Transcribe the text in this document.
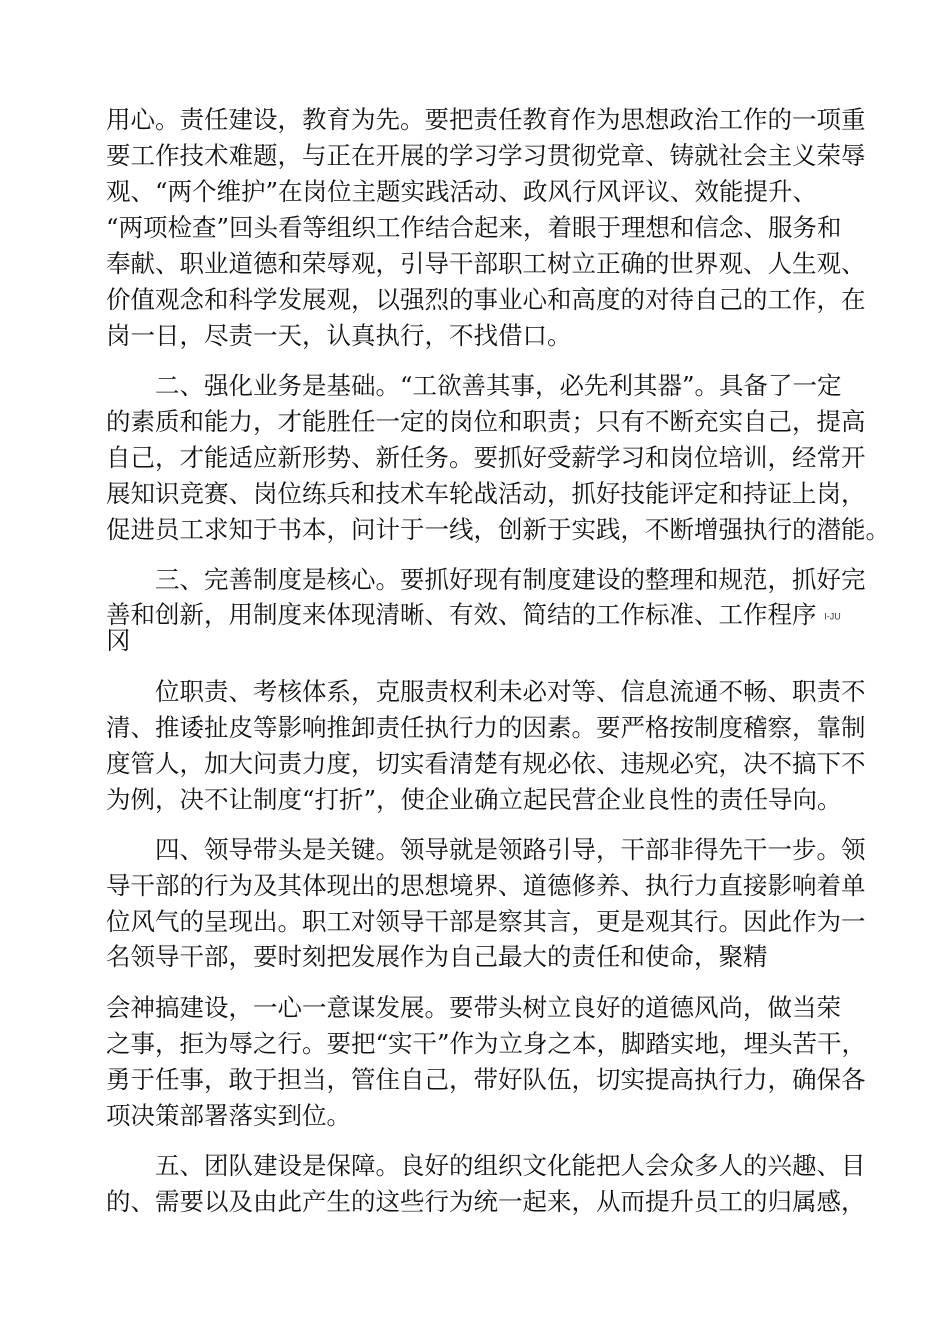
用心。责任建设，教育为先。要把责任教育作为思想政治工作的一项重
要工作技术难题，与正在开展的学习学习贯彻党章、铸就社会主义荣辱
观、“两个维护”在岗位主题实践活动、政风行风评议、效能提升、
“两项检查”回头看等组织工作结合起来，着眼于理想和信念、服务和
奉献、职业道德和荣辱观，引导干部职工树立正确的世界观、人生观、
价值观念和科学发展观，以强烈的事业心和高度的对待自己的工作，在
岗一日，尽责一天，认真执行，不找借口。
二、强化业务是基础。“工欲善其事，必先利其器”。具备了一定
的素质和能力，才能胜任一定的岗位和职责；只有不断充实自己，提高
自己，才能适应新形势、新任务。要抓好受薪学习和岗位培训，经常开
展知识竞赛、岗位练兵和技术车轮战活动，抓好技能评定和持证上岗，
促进员工求知于书本，问计于一线，创新于实践，不断增强执行的潜能。
三、完善制度是核心。要抓好现有制度建设的整理和规范，抓好完
善和创新，用制度来体现清晰、有效、简结的工作标准、工作程序 I-JU
冈
位职责、考核体系，克服责权利未必对等、信息流通不畅、职责不
清、推诿扯皮等影响推卸责任执行力的因素。要严格按制度稽察，靠制
度管人，加大问责力度，切实看清楚有规必依、违规必究，决不搞下不
为例，决不让制度“打折”，使企业确立起民营企业良性的责任导向。
四、领导带头是关键。领导就是领路引导，干部非得先干一步。领
导干部的行为及其体现出的思想境界、道德修养、执行力直接影响着单
位风气的呈现出。职工对领导干部是察其言，更是观其行。因此作为一
名领导干部，要时刻把发展作为自己最大的责任和使命，聚精
会神搞建设，一心一意谋发展。要带头树立良好的道德风尚，做当荣
之事，拒为辱之行。要把“实干”作为立身之本，脚踏实地，埋头苦干，
勇于任事，敢于担当，管住自己，带好队伍，切实提高执行力，确保各
项决策部署落实到位。
五、团队建设是保障。良好的组织文化能把人会众多人的兴趣、目
的、需要以及由此产生的这些行为统一起来，从而提升员工的归属感，
